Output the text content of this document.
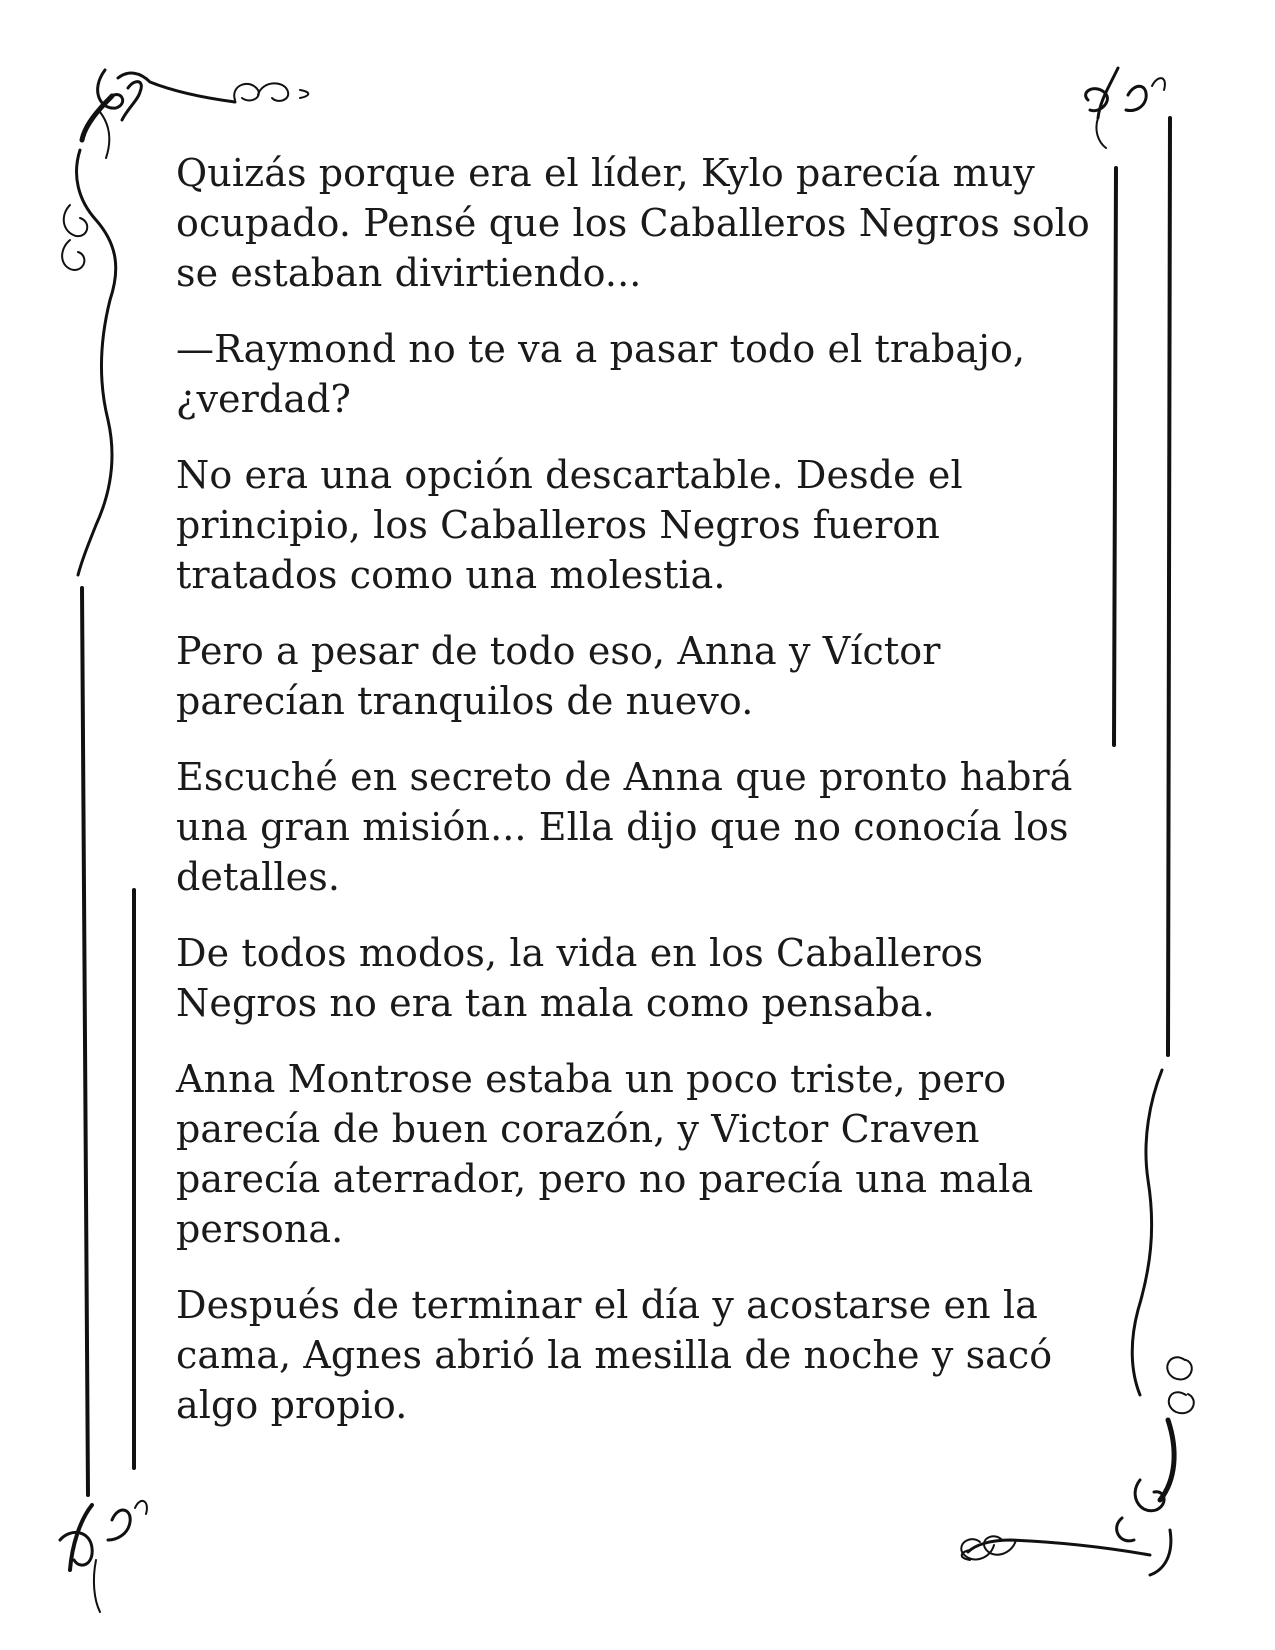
Quizás porque era el líder, Kylo parecía muy ocupado. Pensé que los Caballeros Negros solo se estaban divirtiendo...

—Raymond no te va a pasar todo el trabajo, ¿verdad?

No era una opción descartable. Desde el principio, los Caballeros Negros fueron tratados como una molestia.

Pero a pesar de todo eso, Anna y Víctor parecían tranquilos de nuevo.

Escuché en secreto de Anna que pronto habrá una gran misión... Ella dijo que no conocía los detalles.

De todos modos, la vida en los Caballeros Negros no era tan mala como pensaba.

Anna Montrose estaba un poco triste, pero parecía de buen corazón, y Victor Craven parecía aterrador, pero no parecía una mala persona.

Después de terminar el día y acostarse en la cama, Agnes abrió la mesilla de noche y sacó algo propio.
